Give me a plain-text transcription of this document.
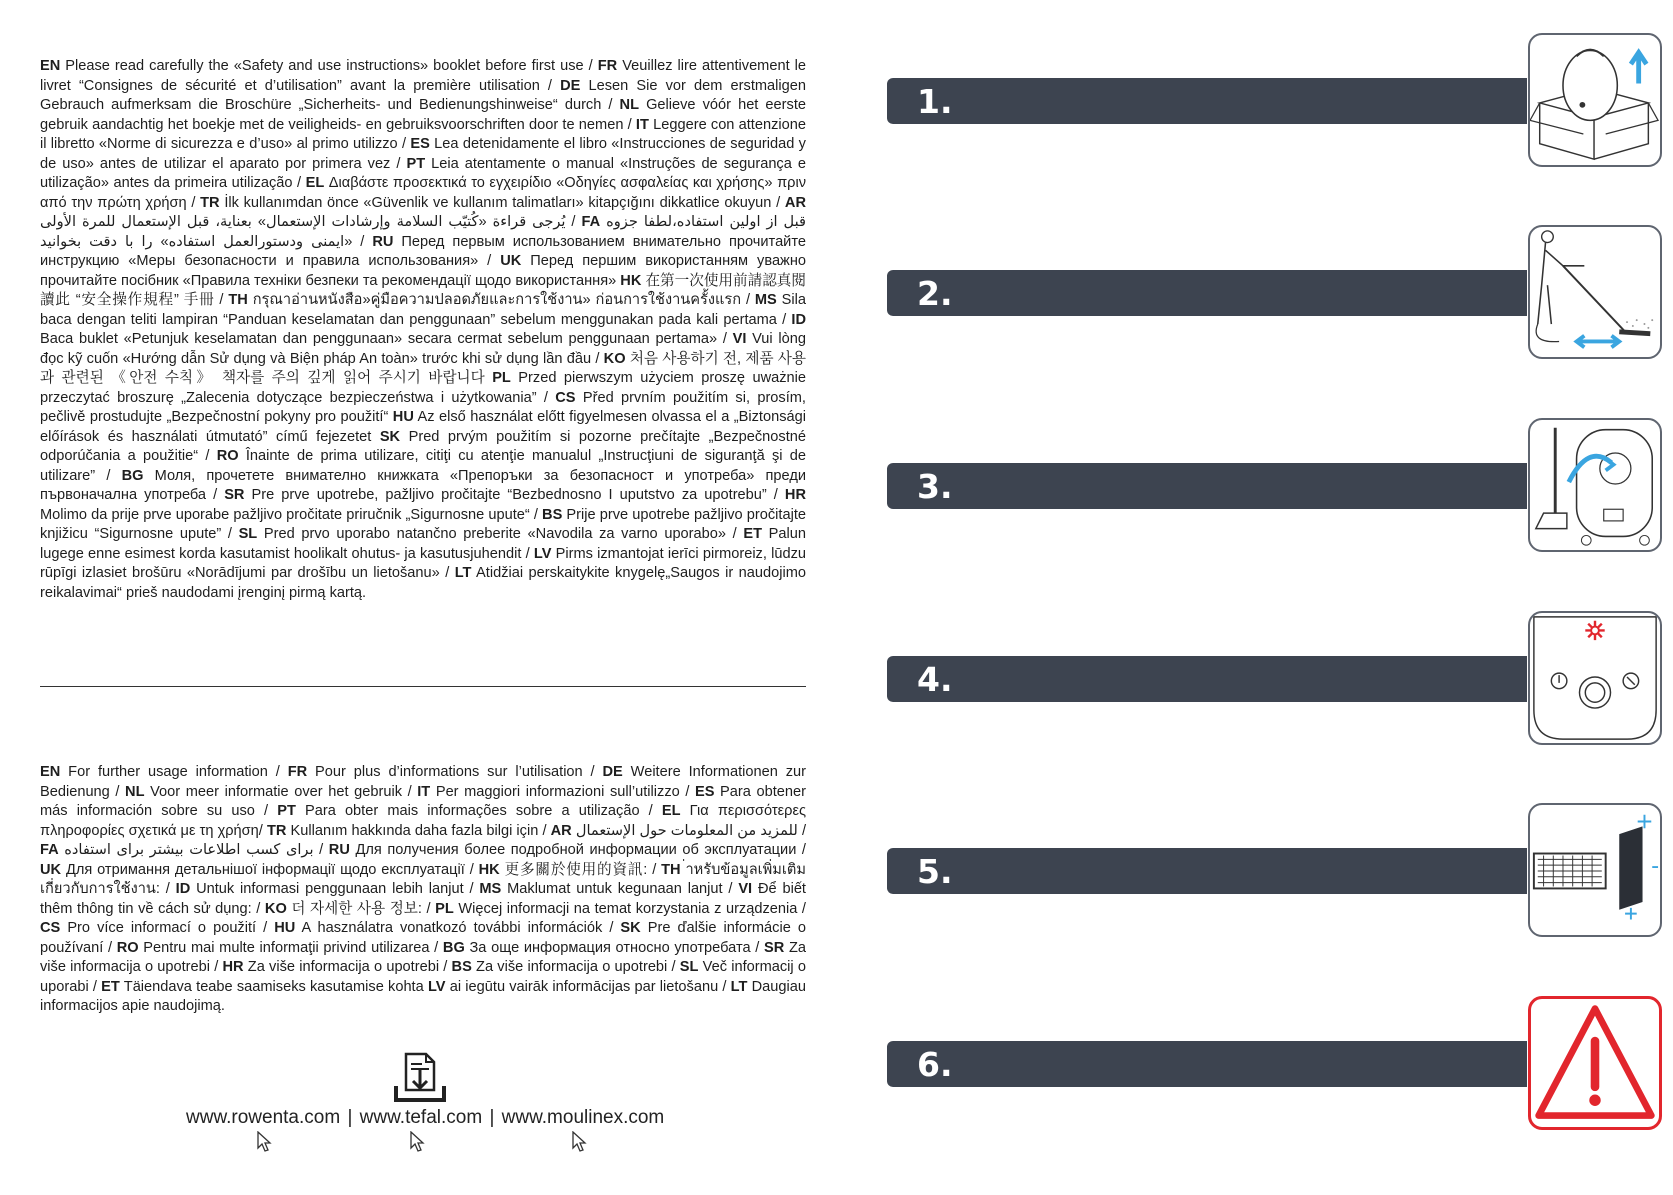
EN Please read carefully the «Safety and use instructions» booklet before first use / FR Veuillez lire attentivement le livret “Consignes de sécurité et d’utilisation” avant la première utilisation / DE Lesen Sie vor dem erstmaligen Gebrauch aufmerksam die Broschüre „Sicherheits- und Bedienungshinweise“ durch / NL Gelieve vóór het eerste gebruik aandachtig het boekje met de veiligheids- en gebruiksvoorschriften door te nemen / IT Leggere con attenzione il libretto «Norme di sicurezza e d’uso» al primo utilizzo / ES Lea detenidamente el libro «Instrucciones de seguridad y de uso» antes de utilizar el aparato por primera vez / PT Leia atentamente o manual «Instruções de segurança e utilização» antes da primeira utilização / EL Διαβάστε προσεκτικά το εγχειρίδιο «Οδηγίες ασφαλείας και χρήσης» πριν από την πρώτη χρήση / TR İlk kullanımdan önce «Güvenlik ve kullanım talimatları» kitapçığını dikkatlice okuyun / AR يُرجى قراءة «كُتيّب السلامة وإرشادات الإستعمال» بعناية، قبل الإستعمال للمرة الأولى / FA قبل از اولین استفاده،لطفا جزوه «ایمنی ودستورالعمل استفاده» را با دقت بخوانید / RU Перед первым использованием внимательно прочитайте инструкцию «Меры безопасности и правила использования» / UK Перед першим використанням уважно прочитайте посібник «Правила техніки безпеки та рекомендації щодо використання» HK 在第一次使用前請認真閱讀此 “安全操作規程” 手冊 / TH กรุณาอ่านหนังสือ»คู่มือความปลอดภัยและการใช้งาน» ก่อนการใช้งานครั้งแรก / MS Sila baca dengan teliti lampiran “Panduan keselamatan dan penggunaan” sebelum menggunakan pada kali pertama / ID Baca buklet «Petunjuk keselamatan dan penggunaan» secara cermat sebelum penggunaan pertama» / VI Vui lòng đọc kỹ cuốn «Hướng dẫn Sử dụng và Biện pháp An toàn» trước khi sử dụng lần đầu / KO 처음 사용하기 전, 제품 사용과 관련된 《안전 수칙》 책자를 주의 깊게 읽어 주시기 바랍니다 PL Przed pierwszym użyciem proszę uważnie przeczytać broszurę „Zalecenia dotyczące bezpieczeństwa i użytkowania” / CS Před prvním použitím si, prosím, pečlivě prostudujte „Bezpečnostní pokyny pro použití“ HU Az első használat előtt figyelmesen olvassa el a „Biztonsági előírások és használati útmutató” című fejezetet SK Pred prvým použitím si pozorne prečítajte „Bezpečnostné odporúčania a použitie“ / RO Înainte de prima utilizare, citiţi cu atenţie manualul „Instrucţiuni de siguranţă şi de utilizare” / BG Моля, прочетете внимателно книжката «Препоръки за безопасност и употреба» преди първоначална употреба / SR Pre prve upotrebe, pažljivo pročitajte “Bezbednosno I uputstvo za upotrebu” / HR Molimo da prije prve uporabe pažljivo pročitate priručnik „Sigurnosne upute“ / BS Prije prve upotrebe pažljivo pročitajte knjižicu “Sigurnosne upute” / SL Pred prvo uporabo natančno preberite «Navodila za varno uporabo» / ET Palun lugege enne esimest korda kasutamist hoolikalt ohutus- ja kasutusjuhendit / LV Pirms izmantojat ierīci pirmoreiz, lūdzu rūpīgi izlasiet brošūru «Norādījumi par drošību un lietošanu» / LT Atidžiai perskaitykite knygelę„Saugos ir naudojimo reikalavimai“ prieš naudodami įrenginį pirmą kartą.
EN For further usage information / FR Pour plus d’informations sur l’utilisation / DE Weitere Informationen zur Bedienung / NL Voor meer informatie over het gebruik / IT Per maggiori informazioni sull’utilizzo / ES Para obtener más información sobre su uso / PT Para obter mais informações sobre a utilização / EL Για περισσότερες πληροφορίες σχετικά με τη χρήση/ TR Kullanım hakkında daha fazla bilgi için / AR للمزيد من المعلومات حول الإستعمال / FA برای کسب اطلاعات بیشتر برای استفاده / RU Для получения более подробной информации об эксплуатации / UK Для отримання детальнішої інформації щодо експлуатації / HK 更多關於使用的資訊: / TH ่าหรับข้อมูลเพิ่มเติมเกี่ยวกับการใช้งาน: / ID Untuk informasi penggunaan lebih lanjut / MS Maklumat untuk kegunaan lanjut / VI Để biết thêm thông tin về cách sử dụng: / KO 더 자세한 사용 정보: / PL Więcej informacji na temat korzystania z urządzenia / CS Pro více informací o použití / HU A használatra vonatkozó további információk / SK Pre ďalšie informácie o používaní / RO Pentru mai multe informaţii privind utilizarea / BG За още информация относно употребата / SR Za više informacija o upotrebi / HR Za više informacija o upotrebi / BS Za više informacija o upotrebi / SL Več informacij o uporabi / ET Täiendava teabe saamiseks kasutamise kohta LV ai iegūtu vairāk informācijas par lietošanu / LT Daugiau informacijos apie naudojimą.
www.rowenta.com | www.tefal.com | www.moulinex.com
1.
2.
3.
4.
5.
6.
